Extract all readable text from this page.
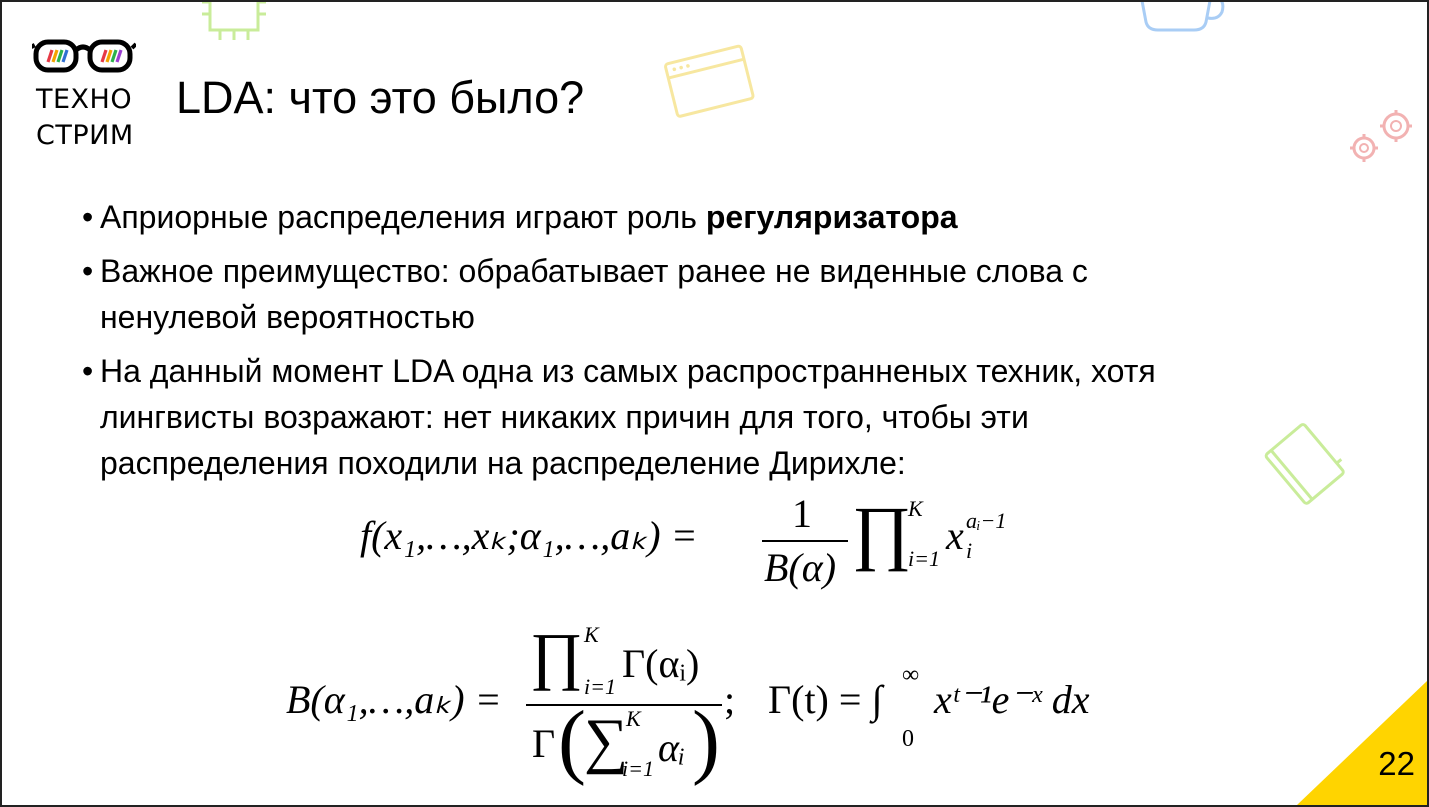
ТЕХНО
СТРИМ
LDA: что это было?
• Априорные распределения играют роль регуляризатора
• Важное преимущество: обрабатывает ранее не виденные слова с
ненулевой вероятностью
• На данный момент LDA одна из самых распространненых техник, хотя
лингвисты возражают: нет никаких причин для того, чтобы эти
распределения походили на распределение Дирихле:
f(x₁,…,xₖ;α₁,…,aₖ) = 1
B(α) ∏
K
i=1
x i
aᵢ−1
B(α₁,…,aₖ) =
∏ K
i=1
Γ(αᵢ)
Γ (
∑
K
i=1 αᵢ ) ; Γ(t) = ∫
∞
0
xᵗ⁻¹e⁻ˣ dx
22
